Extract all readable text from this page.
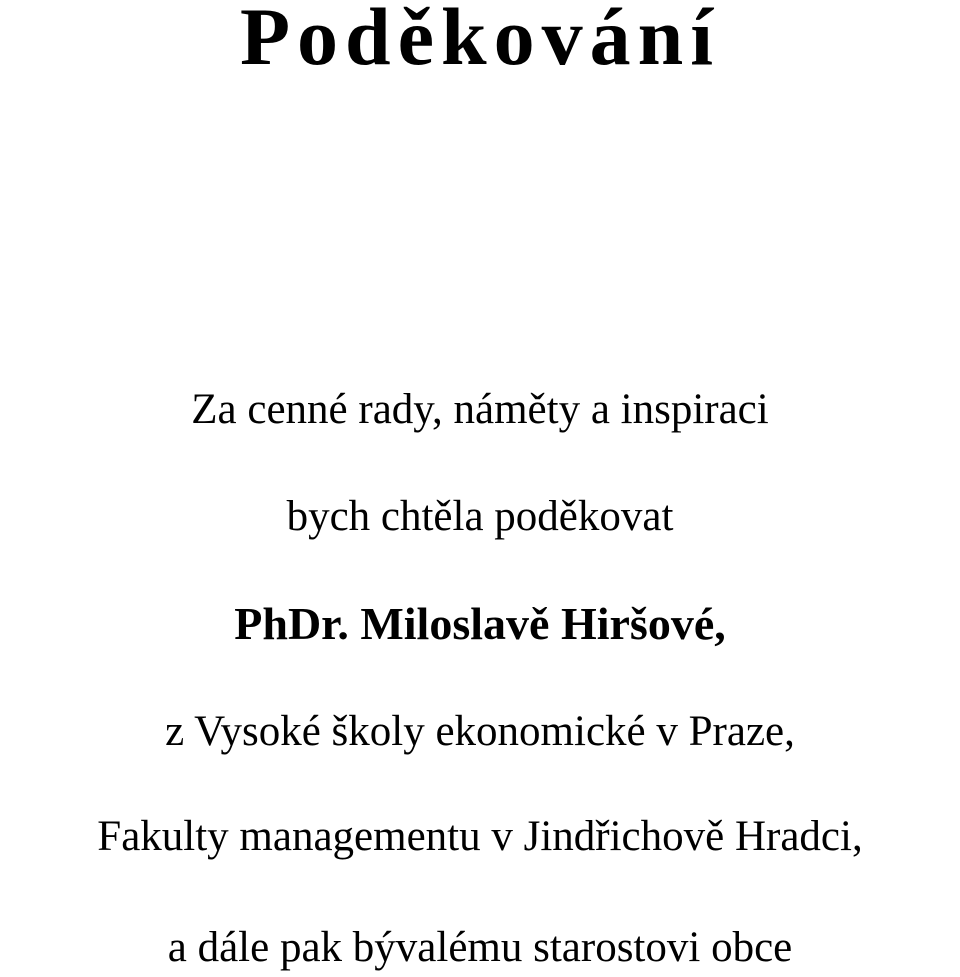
Poděkování
Za cenné rady, náměty a inspiraci
bych chtěla poděkovat
PhDr. Miloslavě Hiršové,
z Vysoké školy ekonomické v Praze,
Fakulty managementu v Jindřichově Hradci,
a dále pak bývalému starostovi obce
